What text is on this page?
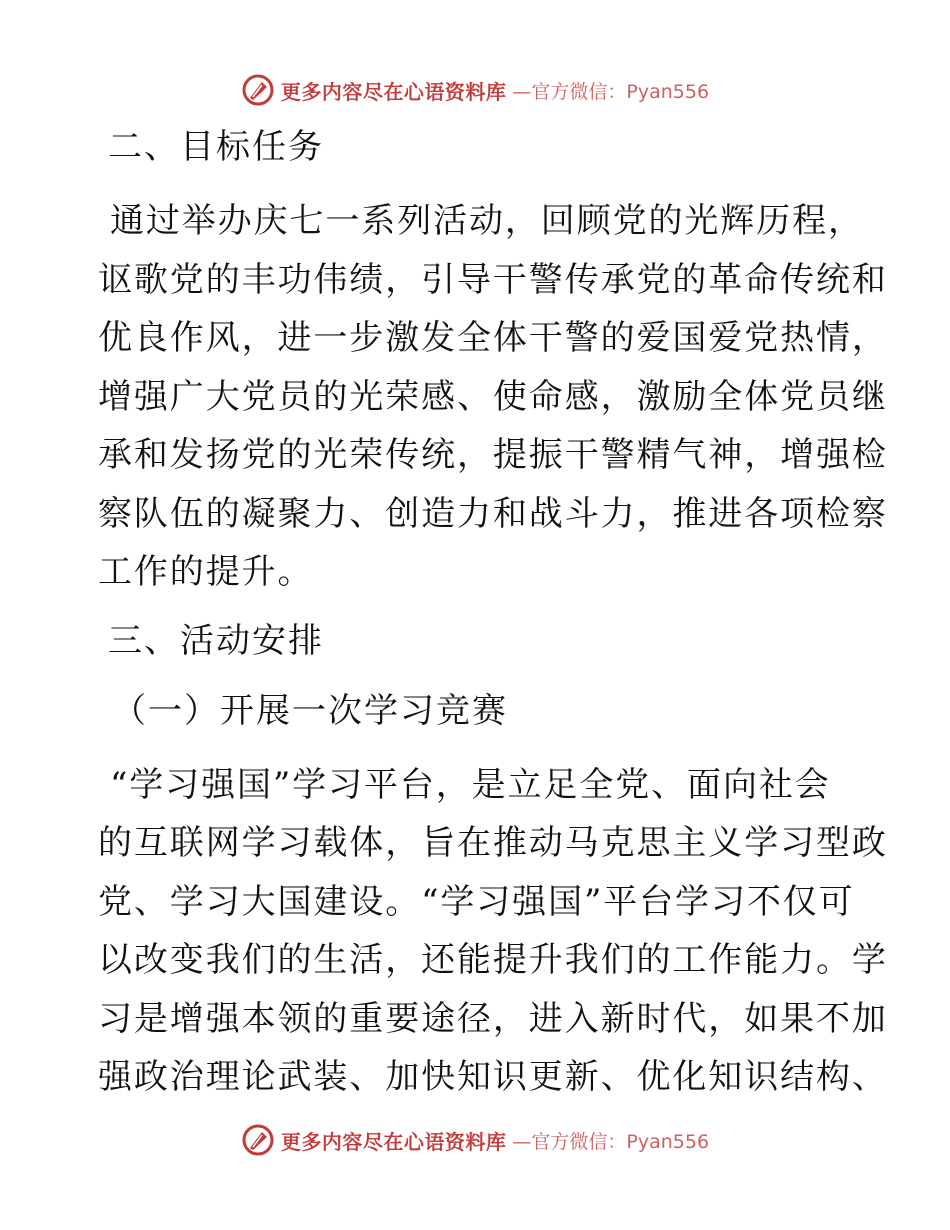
更多内容尽在心语资料库 —官方微信：Pyan556

二、目标任务

通过举办庆七一系列活动，回顾党的光辉历程，
讴歌党的丰功伟绩，引导干警传承党的革命传统和
优良作风，进一步激发全体干警的爱国爱党热情，
增强广大党员的光荣感、使命感，激励全体党员继
承和发扬党的光荣传统，提振干警精气神，增强检
察队伍的凝聚力、创造力和战斗力，推进各项检察
工作的提升。

三、活动安排

（一）开展一次学习竞赛

“学习强国”学习平台，是立足全党、面向社会
的互联网学习载体，旨在推动马克思主义学习型政
党、学习大国建设。“学习强国”平台学习不仅可
以改变我们的生活，还能提升我们的工作能力。学
习是增强本领的重要途径，进入新时代，如果不加
强政治理论武装、加快知识更新、优化知识结构、

更多内容尽在心语资料库 —官方微信：Pyan556
